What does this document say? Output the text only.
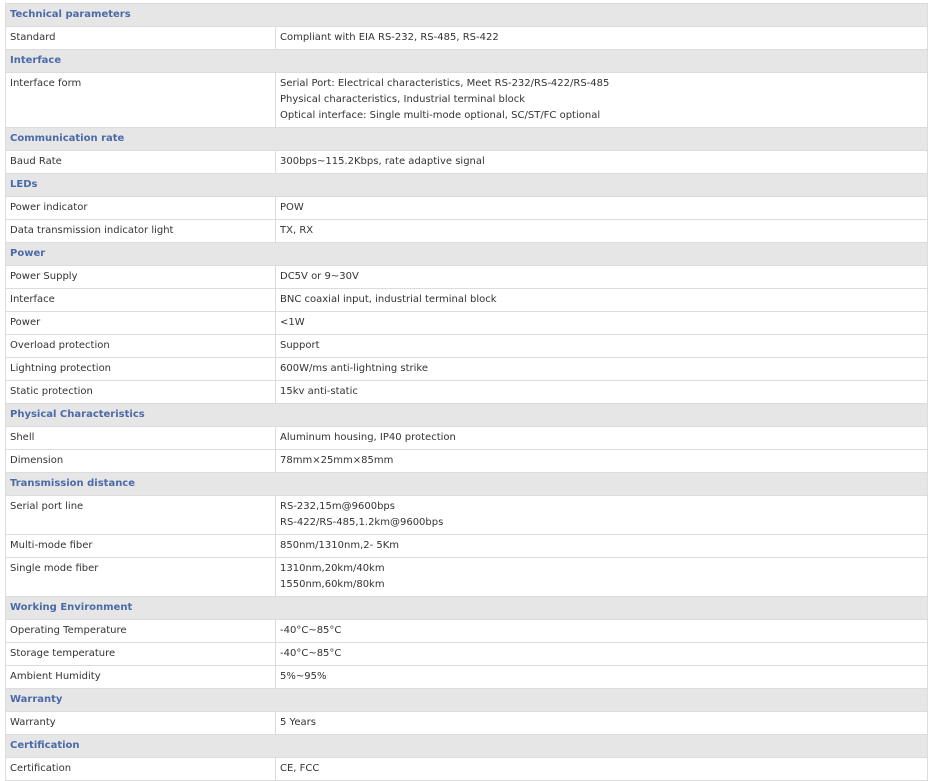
Technical parameters	
Standard	Compliant with EIA RS-232, RS-485, RS-422

Interface	
Interface form	Serial Port: Electrical characteristics, Meet RS-232/RS-422/RS-485
Physical characteristics, Industrial terminal block
Optical interface: Single multi-mode optional, SC/ST/FC optional

Communication rate	
Baud Rate	300bps~115.2Kbps, rate adaptive signal

LEDs	
Power indicator	POW

Data transmission indicator light	TX, RX

Power	
Power Supply	DC5V or 9~30V

Interface	BNC coaxial input, industrial terminal block

Power	<1W

Overload protection	Support

Lightning protection	600W/ms anti-lightning strike

Static protection	15kv anti-static

Physical Characteristics	
Shell	Aluminum housing, IP40 protection

Dimension	78mm×25mm×85mm

Transmission distance	
Serial port line	RS-232,15m@9600bps
RS-422/RS-485,1.2km@9600bps

Multi-mode fiber	850nm/1310nm,2- 5Km

Single mode fiber	1310nm,20km/40km
1550nm,60km/80km

Working Environment	
Operating Temperature	-40°C~85°C

Storage temperature	-40°C~85°C

Ambient Humidity	5%~95%

Warranty	
Warranty	5 Years

Certification	
Certification	CE, FCC
